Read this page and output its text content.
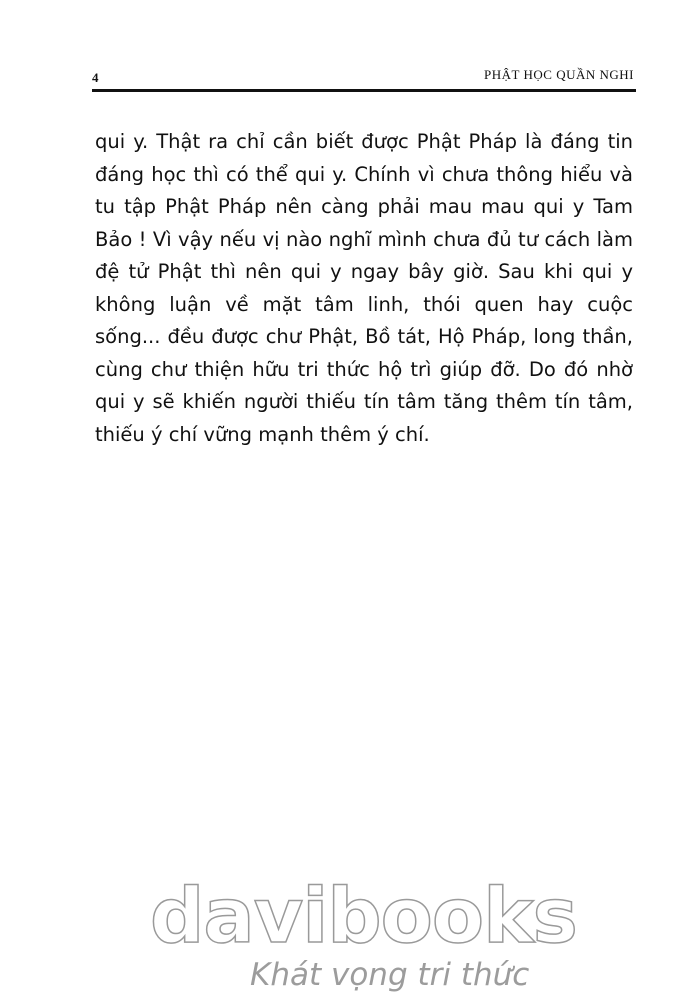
4	PHẬT HỌC QUẦN NGHI

qui y. Thật ra chỉ cần biết được Phật Pháp là đáng tin đáng học thì có thể qui y. Chính vì chưa thông hiểu và tu tập Phật Pháp nên càng phải mau mau qui y Tam Bảo ! Vì vậy nếu vị nào nghĩ mình chưa đủ tư cách làm đệ tử Phật thì nên qui y ngay bây giờ. Sau khi qui y không luận về mặt tâm linh, thói quen hay cuộc sống... đều được chư Phật, Bồ tát, Hộ Pháp, long thần, cùng chư thiện hữu tri thức hộ trì giúp đỡ. Do đó nhờ qui y sẽ khiến người thiếu tín tâm tăng thêm tín tâm, thiếu ý chí vững mạnh thêm ý chí.

davibooks
Khát vọng tri thức
